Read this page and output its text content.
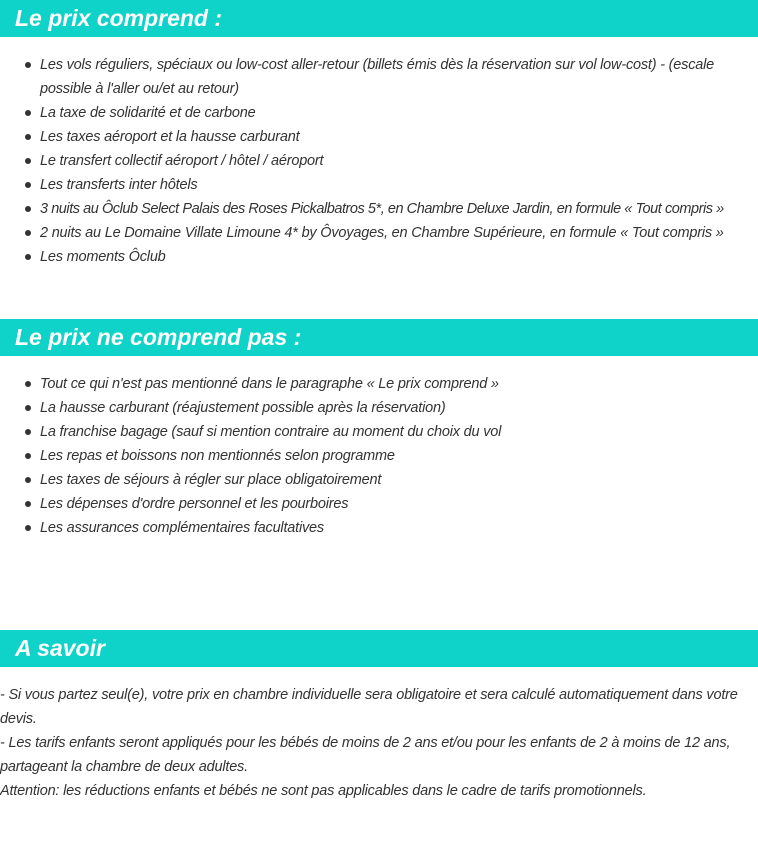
Le prix comprend :
Les vols réguliers, spéciaux ou low-cost aller-retour (billets émis dès la réservation sur vol low-cost) - (escale possible à l'aller ou/et au retour)
La taxe de solidarité et de carbone
Les taxes aéroport et la hausse carburant
Le transfert collectif aéroport / hôtel / aéroport
Les transferts inter hôtels
3 nuits au Ôclub Select Palais des Roses Pickalbatros 5*, en Chambre Deluxe Jardin, en formule « Tout compris »
2 nuits au Le Domaine Villate Limoune 4* by Ôvoyages, en Chambre Supérieure, en formule « Tout compris »
Les moments Ôclub
Le prix ne comprend pas :
Tout ce qui n'est pas mentionné dans le paragraphe « Le prix comprend »
La hausse carburant (réajustement possible après la réservation)
La franchise bagage (sauf si mention contraire au moment du choix du vol
Les repas et boissons non mentionnés selon programme
Les taxes de séjours à régler sur place obligatoirement
Les dépenses d'ordre personnel et les pourboires
Les assurances complémentaires facultatives
A savoir

- Si vous partez seul(e), votre prix en chambre individuelle sera obligatoire et sera calculé automatiquement dans votre devis.

- Les tarifs enfants seront appliqués pour les bébés de moins de 2 ans et/ou pour les enfants de 2 à moins de 12 ans, partageant la chambre de deux adultes.

Attention: les réductions enfants et bébés ne sont pas applicables dans le cadre de tarifs promotionnels.
